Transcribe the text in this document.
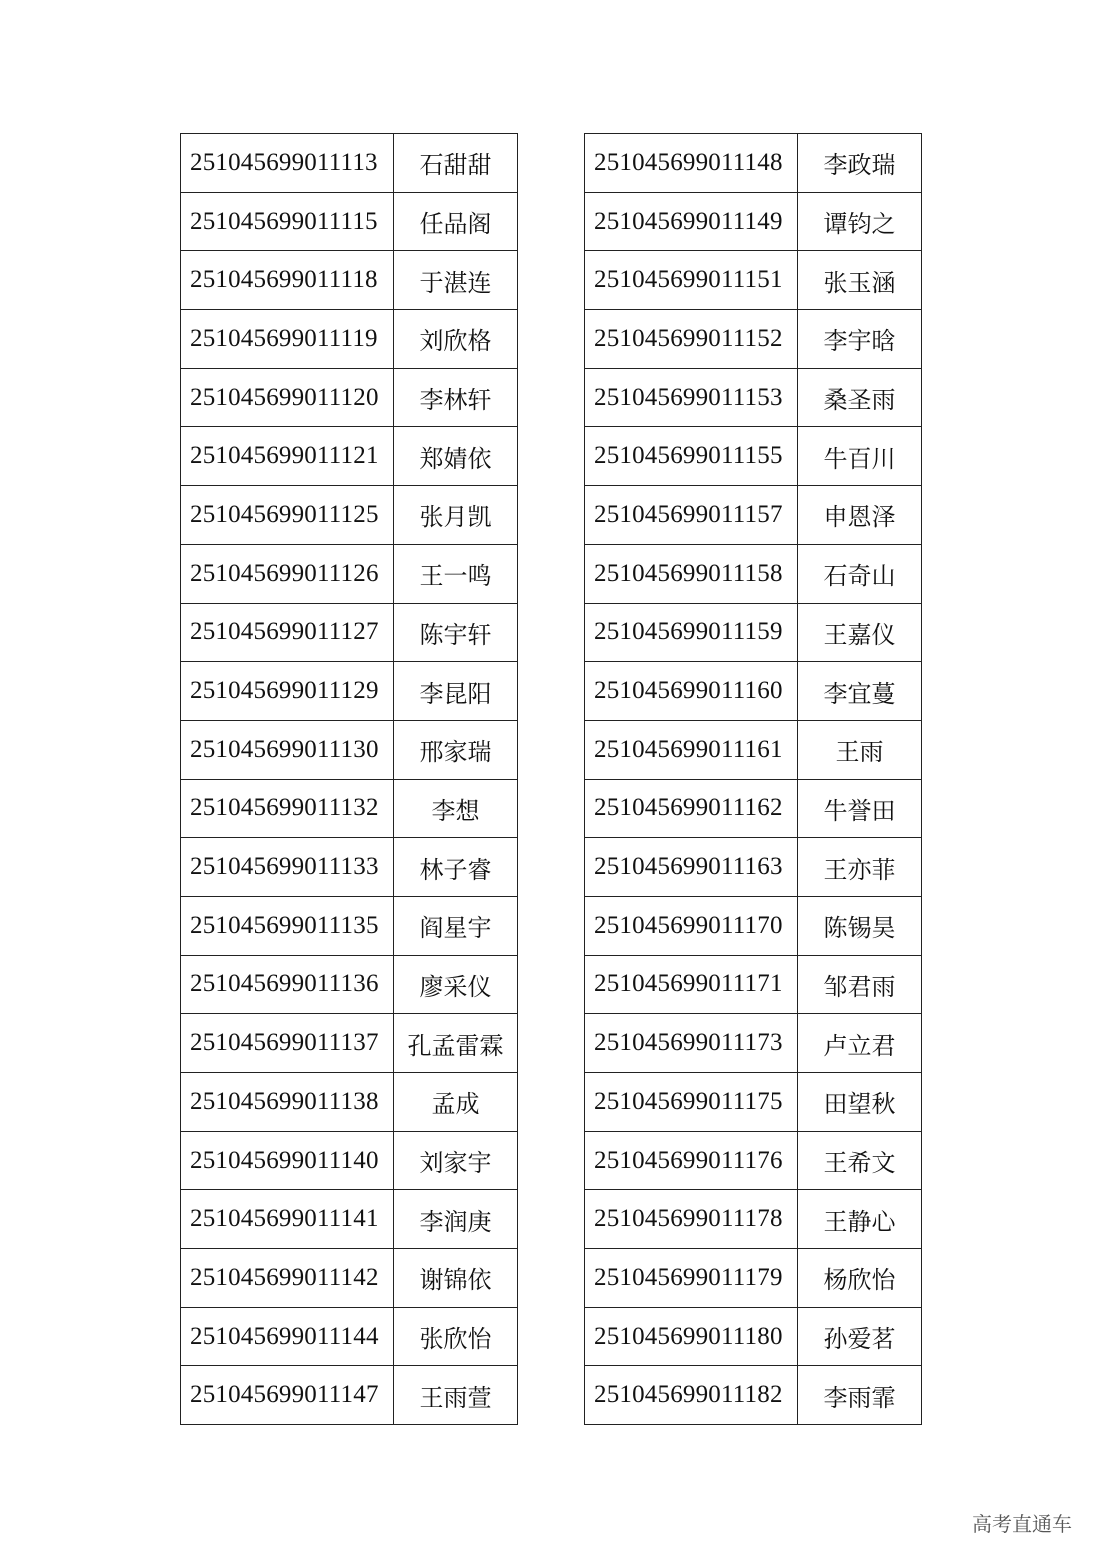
251045699011113	石甜甜
251045699011115	任品阁
251045699011118	于湛连
251045699011119	刘欣格
251045699011120	李林轩
251045699011121	郑婧依
251045699011125	张月凯
251045699011126	王一鸣
251045699011127	陈宇轩
251045699011129	李昆阳
251045699011130	邢家瑞
251045699011132	李想
251045699011133	林子睿
251045699011135	阎星宇
251045699011136	廖采仪
251045699011137	孔孟雷霖
251045699011138	孟成
251045699011140	刘家宇
251045699011141	李润庚
251045699011142	谢锦依
251045699011144	张欣怡
251045699011147	王雨萱
251045699011148	李政瑞
251045699011149	谭钧之
251045699011151	张玉涵
251045699011152	李宇晗
251045699011153	桑圣雨
251045699011155	牛百川
251045699011157	申恩泽
251045699011158	石奇山
251045699011159	王嘉仪
251045699011160	李宜蔓
251045699011161	王雨
251045699011162	牛誉田
251045699011163	王亦菲
251045699011170	陈锡昊
251045699011171	邹君雨
251045699011173	卢立君
251045699011175	田望秋
251045699011176	王希文
251045699011178	王静心
251045699011179	杨欣怡
251045699011180	孙爱茗
251045699011182	李雨霏
高考直通车
